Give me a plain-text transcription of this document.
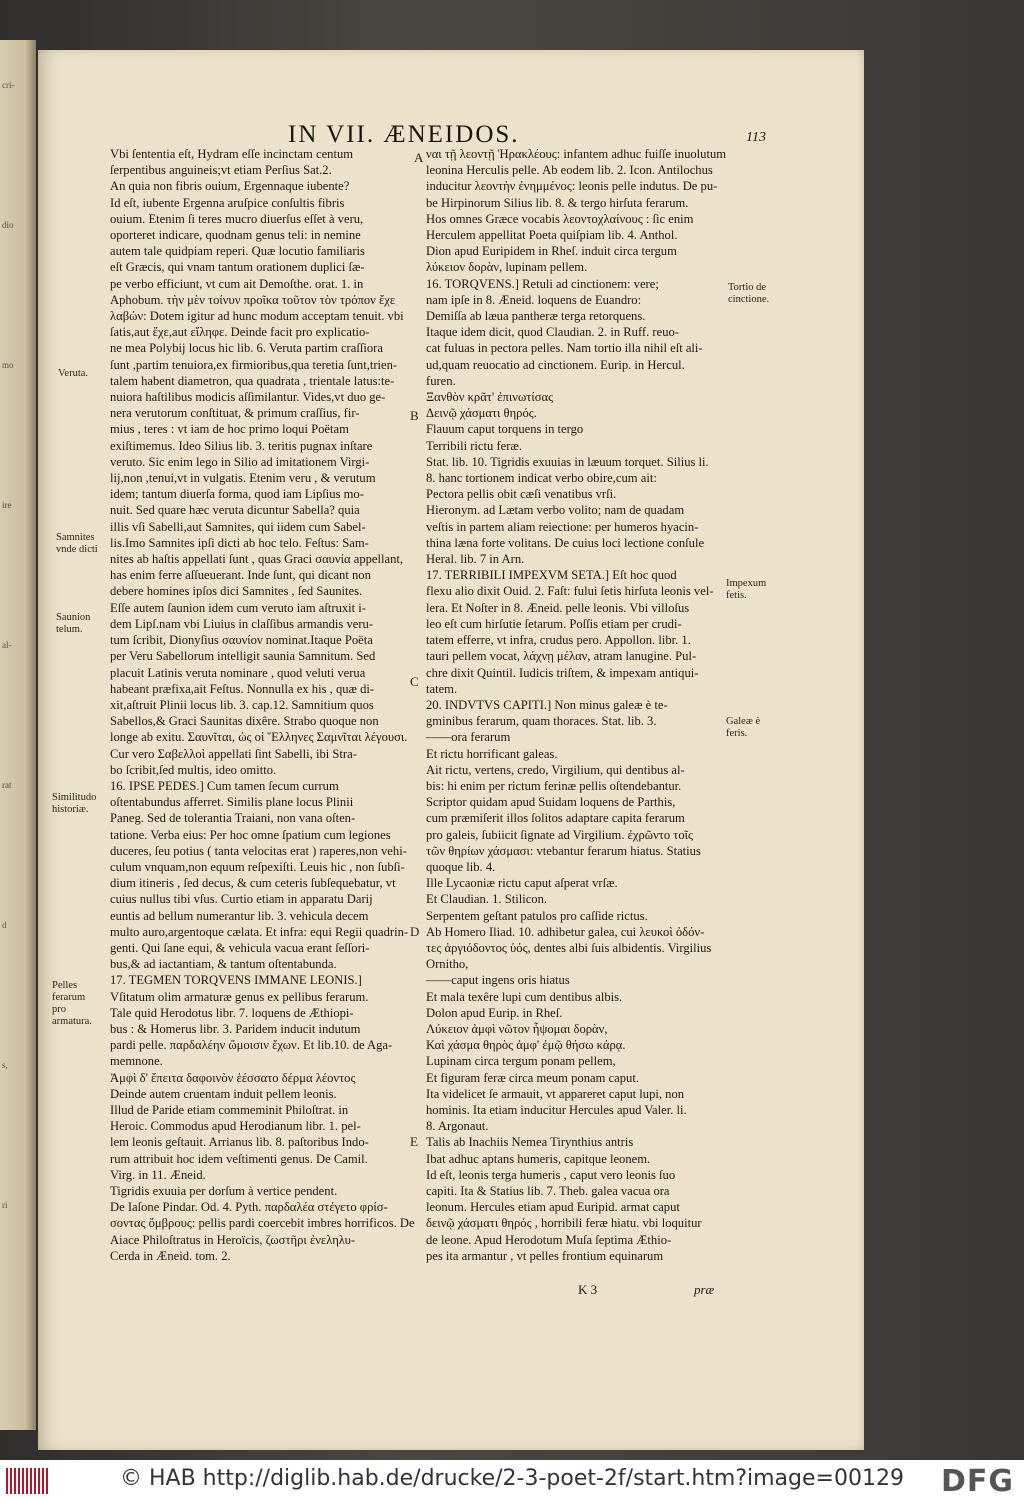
cri-
dio
mo
ire
al-
rat
d
s,
ri
IN VII. ÆNEIDOS.	113
Vbi ſententia eſt, Hydram eſſe incinctam centum
ſerpentibus anguineis;vt etiam Perſius Sat.2.
An quia non fibris ouium, Ergennaque iubente?
Id eſt, iubente Ergenna aruſpice conſultis fibris
ouium. Etenim ſi teres mucro diuerſus eſſet à veru,
oporteret indicare, quodnam genus teli: in nemine
autem tale quidpiam reperi. Quæ locutio familiaris
eſt Græcis, qui vnam tantum orationem duplici ſæ-
pe verbo efficiunt, vt cum ait Demoſthe. orat. 1. in
Aphobum. τὴν μὲν τοίνυν προῖκα τοῦτον τὸν τρόπον ἔχε
λαβών: Dotem igitur ad hunc modum acceptam tenuit. vbi
ſatis,aut ἔχε,aut εἴληφε. Deinde facit pro explicatio-
ne mea Polybij locus hic lib. 6. Veruta partim craſſiora
ſunt ,partim tenuiora,ex firmioribus,qua teretia ſunt,trien-
talem habent diametron, qua quadrata , trientale latus:te-
nuiora haſtilibus modicis aſſimilantur. Vides,vt duo ge-
nera verutorum conſtituat, & primum craſſius, fir-
mius , teres : vt iam de hoc primo loqui Poëtam
exiſtimemus. Ideo Silius lib. 3. teritis pugnax inſtare
veruto. Sic enim lego in Silio ad imitationem Virgi-
lij,non ,tenui,vt in vulgatis. Etenim veru , & verutum
idem; tantum diuerſa forma, quod iam Lipſius mo-
nuit. Sed quare hæc veruta dicuntur Sabella? quia
illis vſi Sabelli,aut Samnites, qui iidem cum Sabel-
lis.Imo Samnites ipſi dicti ab hoc telo. Feſtus: Sam-
nites ab haſtis appellati ſunt , quas Graci σαυνία appellant,
has enim ferre aſſueuerant. Inde ſunt, qui dicant non
debere homines ipſos dici Samnites , ſed Saunites.
Eſſe autem ſaunion idem cum veruto iam aſtruxit i-
dem Lipſ.nam vbi Liuius in claſſibus armandis veru-
tum ſcribit, Dionyſius σαυνίον nominat.Itaque Poëta
per Veru Sabellorum intelligit saunia Samnitum. Sed
placuit Latinis veruta nominare , quod veluti verua
habeant præfixa,ait Feſtus. Nonnulla ex his , quæ di-
xit,aſtruit Plinii locus lib. 3. cap.12. Samnitium quos
Sabellos,& Graci Saunitas dixêre. Strabo quoque non
longe ab exitu. Σαυνῖται, ὡς οἱ Ἕλληνες Σαμνῖται λέγουσι.
Cur vero Σαβελλοὶ appellati ſint Sabelli, ibi Stra-
bo ſcribit,ſed multis, ideo omitto.
16. IPSE PEDES.] Cum tamen ſecum currum
oſtentabundus afferret. Similis plane locus Plinii
Paneg. Sed de tolerantia Traiani, non vana oſten-
tatione. Verba eius: Per hoc omne ſpatium cum legiones
duceres, ſeu potius ( tanta velocitas erat ) raperes,non vehi-
culum vnquam,non equum reſpexiſti. Leuis hic , non ſubſi-
dium itineris , ſed decus, & cum ceteris ſubſequebatur, vt
cuius nullus tibi vſus. Curtio etiam in apparatu Darij
euntis ad bellum numerantur lib. 3. vehicula decem
multo auro,argentoque cælata. Et infra: equi Regii quadrin-
genti. Qui ſane equi, & vehicula vacua erant ſeſſori-
bus,& ad iactantiam, & tantum oſtentabunda.
17. TEGMEN TORQVENS IMMANE LEONIS.]
Vſitatum olim armaturæ genus ex pellibus ferarum.
Tale quid Herodotus libr. 7. loquens de Æthiopi-
bus : & Homerus libr. 3. Paridem inducit indutum
pardi pelle. παρδαλέην ὤμοισιν ἔχων. Et lib.10. de Aga-
memnone.
Ἀμφὶ δ' ἔπειτα δαφοινὸν ἑέσσατο δέρμα λέοντος
Deinde autem cruentam induit pellem leonis.
Illud de Paride etiam commeminit Philoſtrat. in
Heroic. Commodus apud Herodianum libr. 1. pel-
lem leonis geſtauit. Arrianus lib. 8. paſtoribus Indo-
rum attribuit hoc idem veſtimenti genus. De Camil.
Virg. in 11. Æneid.
Tigridis exuuia per dorſum à vertice pendent.
De Iaſone Pindar. Od. 4. Pyth. παρδαλέα στέγετο φρίσ-
σοντας ὄμβρους: pellis pardi coercebit imbres horrificos. De
Aiace Philoſtratus in Heroïcis, ζωστῆρι ἐνεληλυ-
Cerda in Æneid. tom. 2.
ναι τῇ λεοντῇ Ἡρακλέους: infantem adhuc fuiſſe inuolutum
leonina Herculis pelle. Ab eodem lib. 2. Icon. Antilochus
inducitur λεοντὴν ἐνημμένος: leonis pelle indutus. De pu-
be Hirpinorum Silius lib. 8. & tergo hirſuta ferarum.
Hos omnes Græce vocabis λεοντοχλαίνους : ſic enim
Herculem appellitat Poeta quiſpiam lib. 4. Anthol.
Dion apud Euripidem in Rheſ. induit circa tergum
λύκειον δορὰν, lupinam pellem.
16. TORQVENS.] Retuli ad cinctionem: vere;
nam ipſe in 8. Æneid. loquens de Euandro:
Demiſſa ab læua pantheræ terga retorquens.
Itaque idem dicit, quod Claudian. 2. in Ruff. reuo-
cat fuluas in pectora pelles. Nam tortio illa nihil eſt ali-
ud,quam reuocatio ad cinctionem. Eurip. in Hercul.
furen.
Ξανθὸν κρᾶτ' ἐπινωτίσας
Δεινῷ χάσματι θηρός.
Flauum caput torquens in tergo
Terribili rictu feræ.
Stat. lib. 10. Tigridis exuuias in læuum torquet. Silius li.
8. hanc tortionem indicat verbo obire,cum ait:
Pectora pellis obit cæſi venatibus vrſi.
Hieronym. ad Lætam verbo volito; nam de quadam
veſtis in partem aliam reiectione: per humeros hyacin-
thina læna forte volitans. De cuius loci lectione conſule
Heral. lib. 7 in Arn.
17. TERRIBILI IMPEXVM SETA.] Eſt hoc quod
flexu alio dixit Ouid. 2. Faſt: fului ſetis hirſuta leonis vel-
lera. Et Noſter in 8. Æneid. pelle leonis. Vbi villoſus
leo eſt cum hirſutie ſetarum. Poſſis etiam per crudi-
tatem efferre, vt infra, crudus pero. Appollon. libr. 1.
tauri pellem vocat, λάχνῃ μέλαν, atram lanugine. Pul-
chre dixit Quintil. Iudicis triſtem, & impexam antiqui-
tatem.
20. INDVTVS CAPITI.] Non minus galeæ è te-
gminibus ferarum, quam thoraces. Stat. lib. 3.
——ora ferarum
Et rictu horrificant galeas.
Ait rictu, vertens, credo, Virgilium, qui dentibus al-
bis: hi enim per rictum ferinæ pellis oſtendebantur.
Scriptor quidam apud Suidam loquens de Parthis,
cum præmiſerit illos ſolitos adaptare capita ferarum
pro galeis, ſubiicit ſignate ad Virgilium. ἐχρῶντο τοῖς
τῶν θηρίων χάσμασι: vtebantur ferarum hiatus. Statius
quoque lib. 4.
Ille Lycaoniæ rictu caput aſperat vrſæ.
Et Claudian. 1. Stilicon.
Serpentem geſtant patulos pro caſſide rictus.
Ab Homero Iliad. 10. adhibetur galea, cui λευκοὶ ὀδόν-
τες ἀργιόδοντος ὑός, dentes albi ſuis albidentis. Virgilius
Ornitho,
——caput ingens oris hiatus
Et mala texêre lupi cum dentibus albis.
Dolon apud Eurip. in Rheſ.
Λύκειον ἀμφὶ νῶτον ἧψομαι δορὰν,
Καὶ χάσμα θηρὸς ἀμφ' ἐμῷ θήσω κάρᾳ.
Lupinam circa tergum ponam pellem,
Et figuram feræ circa meum ponam caput.
Ita videlicet ſe armauit, vt appareret caput lupi, non
hominis. Ita etiam inducitur Hercules apud Valer. li.
8. Argonaut.
Talis ab Inachiis Nemea Tirynthius antris
Ibat adhuc aptans humeris, capitque leonem.
Id eſt, leonis terga humeris , caput vero leonis ſuo
capiti. Ita & Statius lib. 7. Theb. galea vacua ora
leonum. Hercules etiam apud Euripid. armat caput
δεινῷ χάσματι θηρός , horribili feræ hiatu. vbi loquitur
de leone. Apud Herodotum Muſa ſeptima Æthio-
pes ita armantur , vt pelles frontium equinarum
A
B
C
D
E
Veruta.
Samnites vnde dicti
Saunion telum.
Similitudo historiæ.
Pelles ferarum pro armatura.
Tortio de cinctione.
Impexum fetis.
Galeæ è feris.
K 3	præ
© HAB http://diglib.hab.de/drucke/2-3-poet-2f/start.htm?image=00129 DFG
